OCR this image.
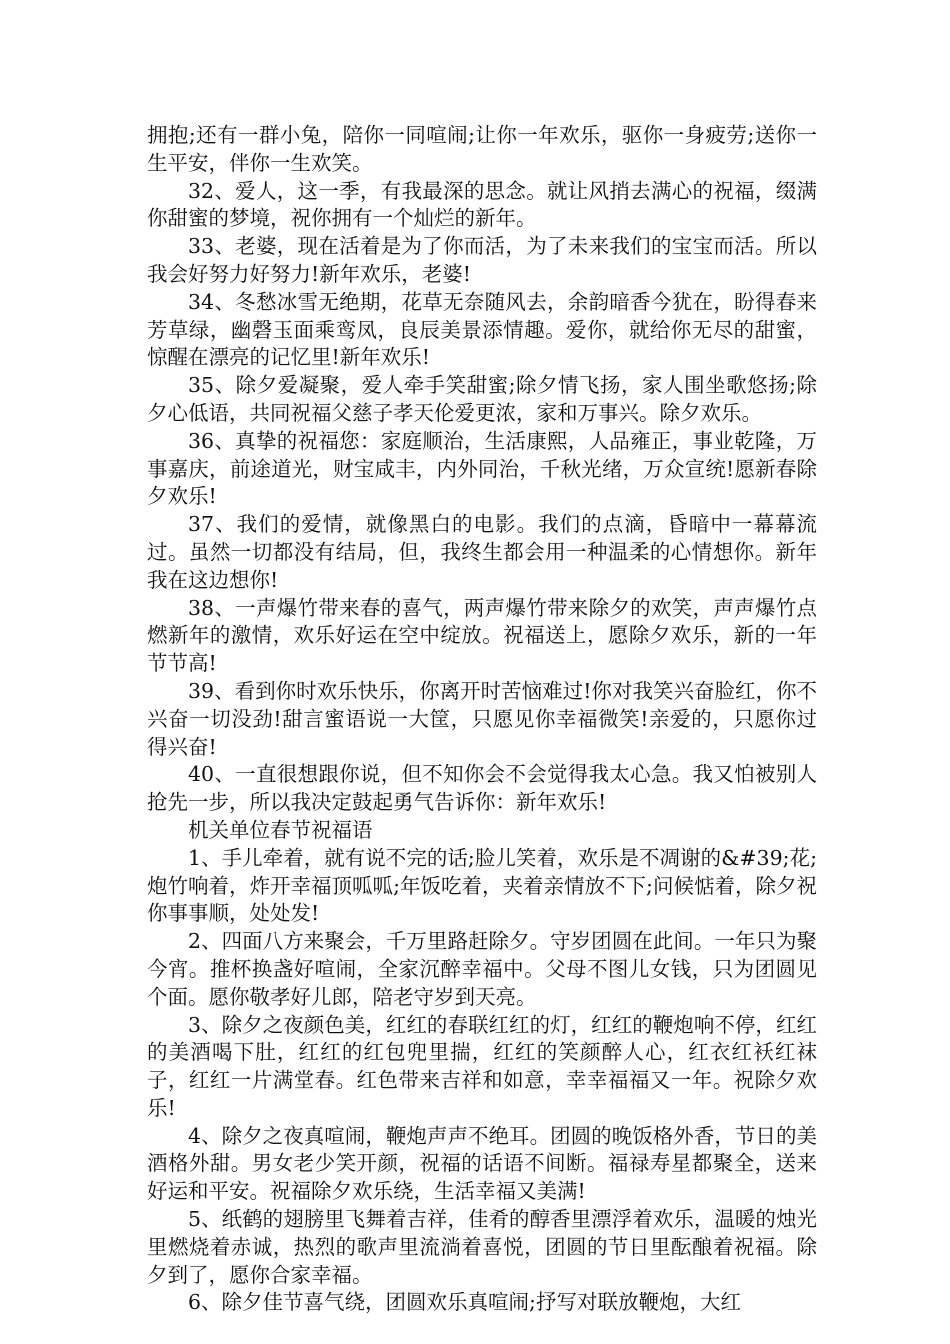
拥抱;还有一群小兔，陪你一同喧闹;让你一年欢乐，驱你一身疲劳;送你一生平安，伴你一生欢笑。

32、爱人，这一季，有我最深的思念。就让风捎去满心的祝福，缀满你甜蜜的梦境，祝你拥有一个灿烂的新年。

33、老婆，现在活着是为了你而活，为了未来我们的宝宝而活。所以我会好努力好努力!新年欢乐，老婆!

34、冬愁冰雪无绝期，花草无奈随风去，余韵暗香今犹在，盼得春来芳草绿，幽磬玉面乘鸾凤，良辰美景添情趣。爱你，就给你无尽的甜蜜，惊醒在漂亮的记忆里!新年欢乐!

35、除夕爱凝聚，爱人牵手笑甜蜜;除夕情飞扬，家人围坐歌悠扬;除夕心低语，共同祝福父慈子孝天伦爱更浓，家和万事兴。除夕欢乐。

36、真挚的祝福您：家庭顺治，生活康熙，人品雍正，事业乾隆，万事嘉庆，前途道光，财宝咸丰，内外同治，千秋光绪，万众宣统!愿新春除夕欢乐!

37、我们的爱情，就像黑白的电影。我们的点滴，昏暗中一幕幕流过。虽然一切都没有结局，但，我终生都会用一种温柔的心情想你。新年我在这边想你!

38、一声爆竹带来春的喜气，两声爆竹带来除夕的欢笑，声声爆竹点燃新年的激情，欢乐好运在空中绽放。祝福送上，愿除夕欢乐，新的一年节节高!

39、看到你时欢乐快乐，你离开时苦恼难过!你对我笑兴奋脸红，你不兴奋一切没劲!甜言蜜语说一大筐，只愿见你幸福微笑!亲爱的，只愿你过得兴奋!

40、一直很想跟你说，但不知你会不会觉得我太心急。我又怕被别人抢先一步，所以我决定鼓起勇气告诉你：新年欢乐!

机关单位春节祝福语

1、手儿牵着，就有说不完的话;脸儿笑着，欢乐是不凋谢的&#39;花;炮竹响着，炸开幸福顶呱呱;年饭吃着，夹着亲情放不下;问候惦着，除夕祝你事事顺，处处发!

2、四面八方来聚会，千万里路赶除夕。守岁团圆在此间。一年只为聚今宵。推杯换盏好喧闹，全家沉醉幸福中。父母不图儿女钱，只为团圆见个面。愿你敬孝好儿郎，陪老守岁到天亮。

3、除夕之夜颜色美，红红的春联红红的灯，红红的鞭炮响不停，红红的美酒喝下肚，红红的红包兜里揣，红红的笑颜醉人心，红衣红袄红袜子，红红一片满堂春。红色带来吉祥和如意，幸幸福福又一年。祝除夕欢乐!

4、除夕之夜真喧闹，鞭炮声声不绝耳。团圆的晚饭格外香，节日的美酒格外甜。男女老少笑开颜，祝福的话语不间断。福禄寿星都聚全，送来好运和平安。祝福除夕欢乐绕，生活幸福又美满!

5、纸鹤的翅膀里飞舞着吉祥，佳肴的醇香里漂浮着欢乐，温暖的烛光里燃烧着赤诚，热烈的歌声里流淌着喜悦，团圆的节日里酝酿着祝福。除夕到了，愿你合家幸福。

6、除夕佳节喜气绕，团圆欢乐真喧闹;抒写对联放鞭炮，大红
